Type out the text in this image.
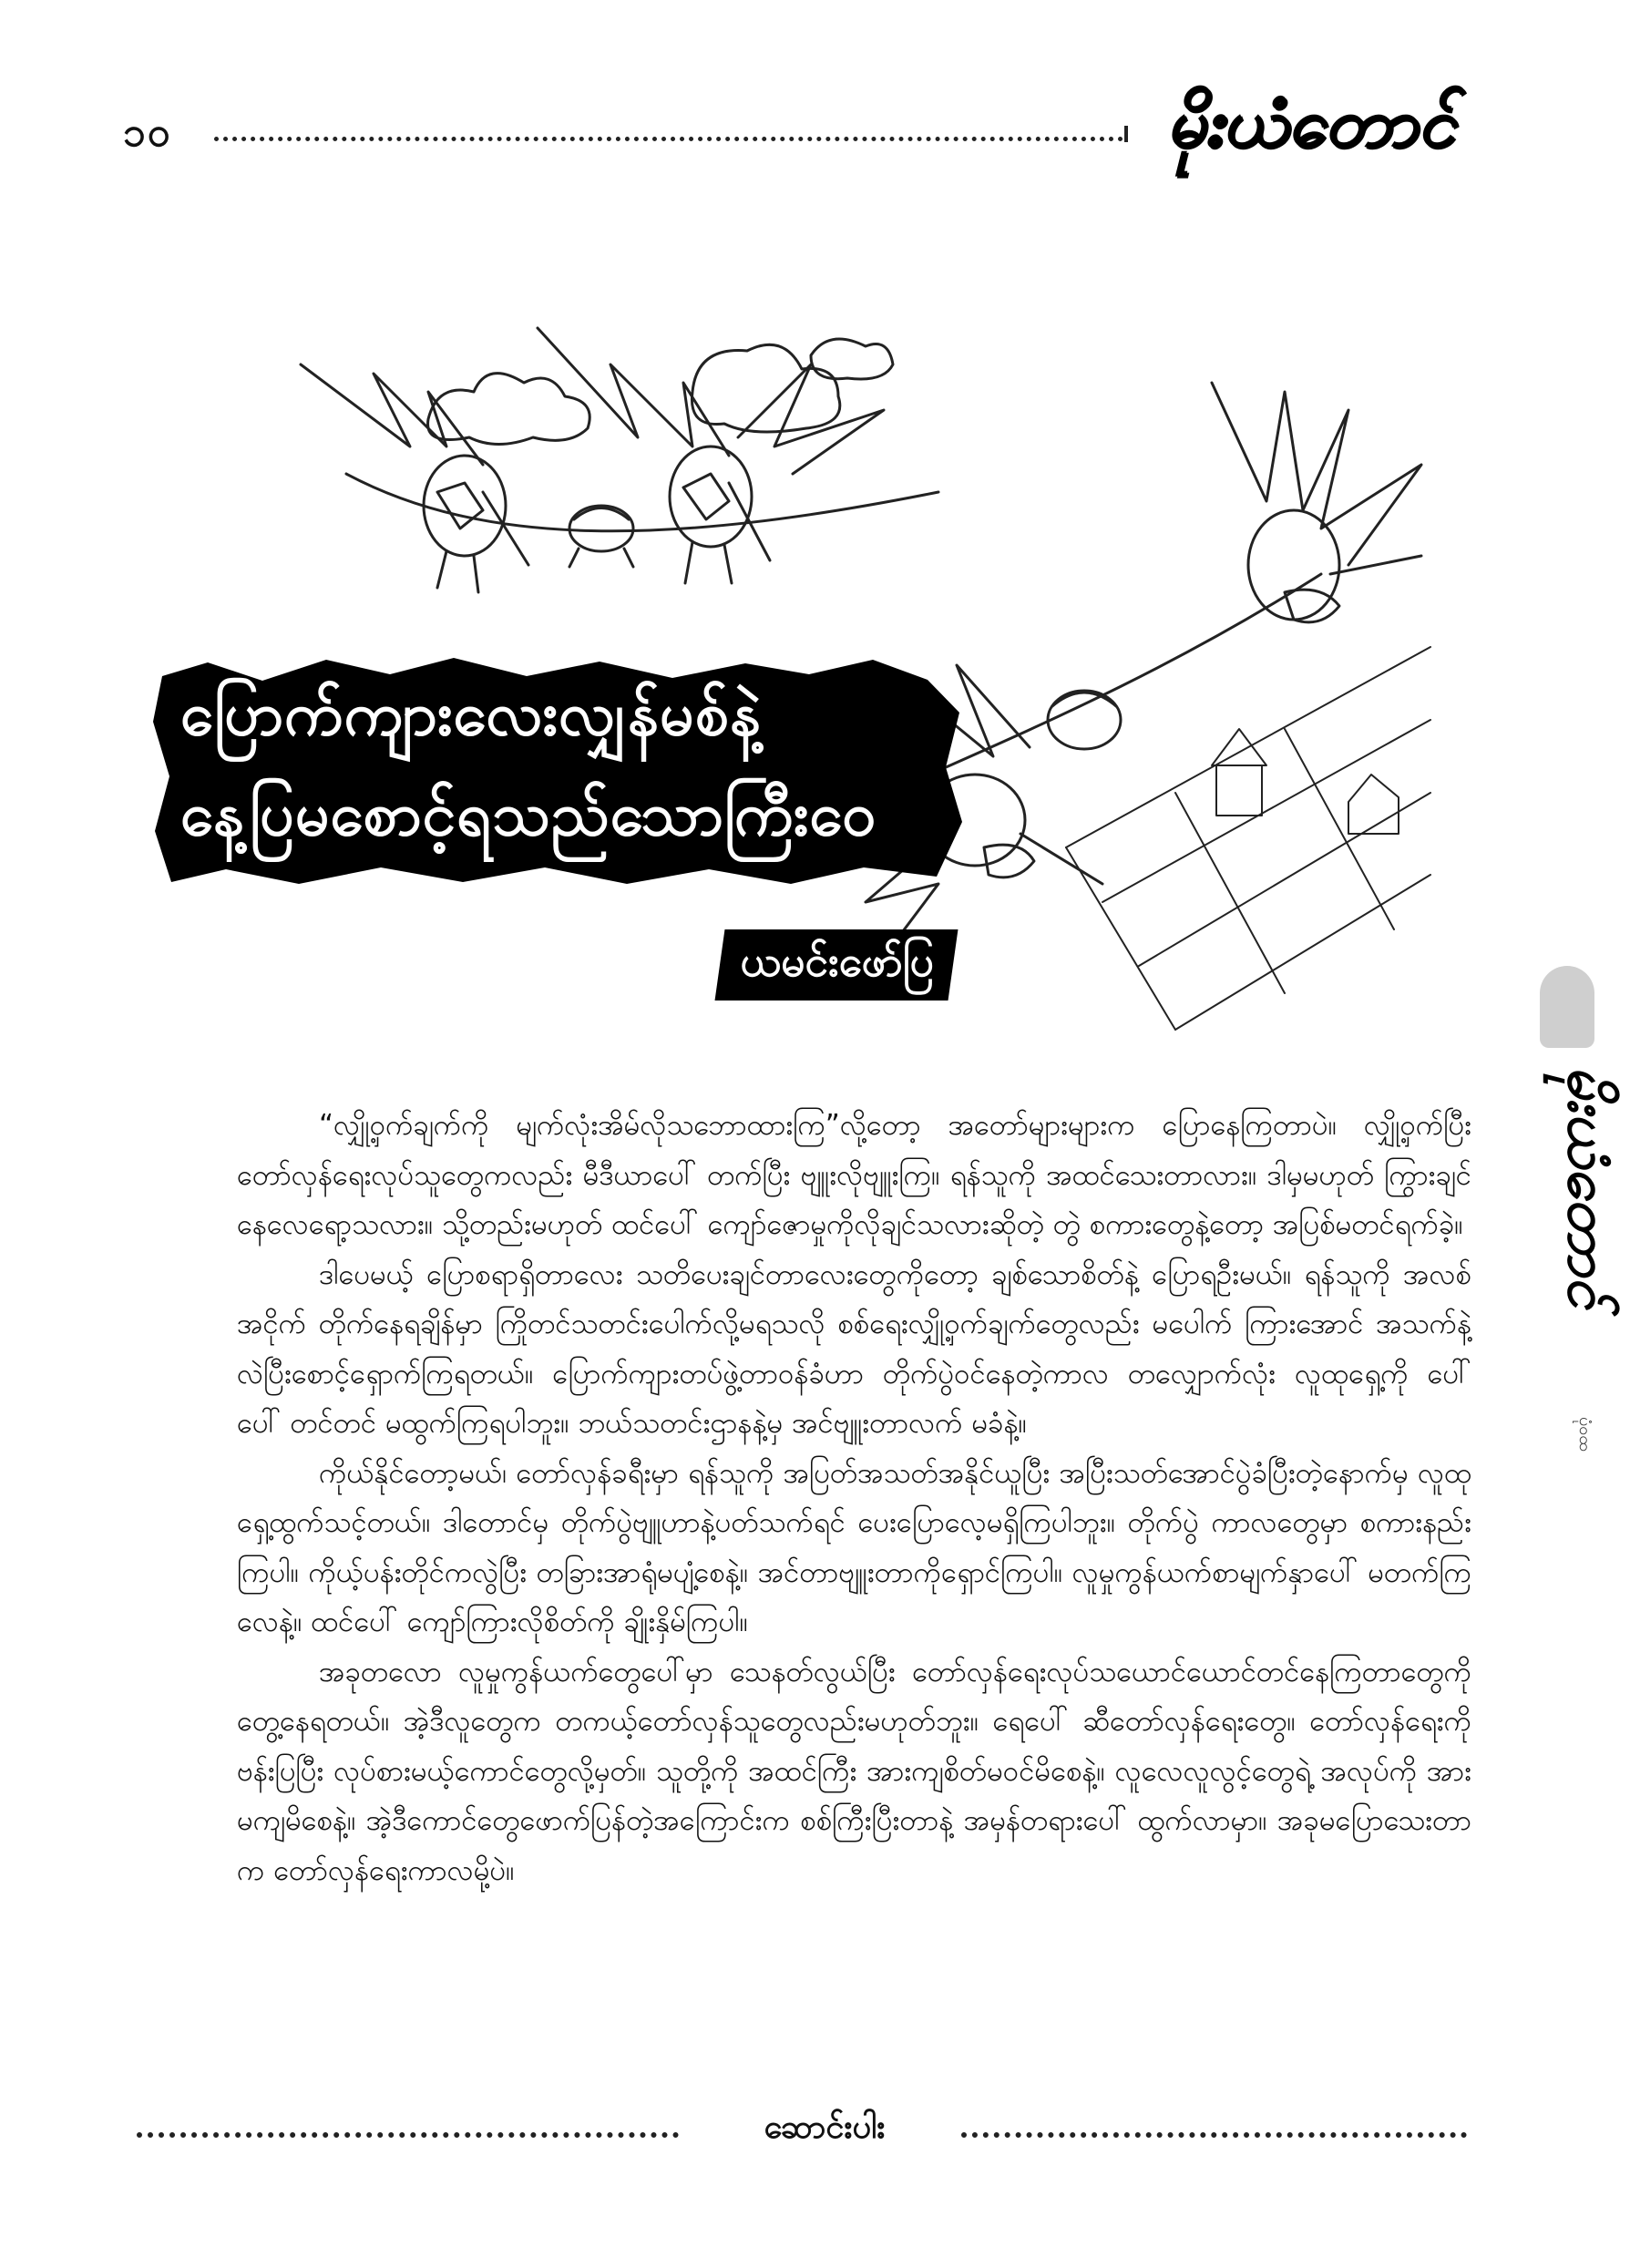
၁၀	မိုးယံတောင်
ပြောက်ကျားလေးလျှန်မစ်နဲ့
နေ့ပြမစောင့်ရသည်သောကြီးဝေ
ယမင်းဖော်ပြ
မိုးယံတောင်
ပုံဝထ

“လျှို့ဝှက်ချက်ကို မျက်လုံးအိမ်လိုသဘောထားကြ”လို့တော့ အတော်များများက ပြောနေကြတာပဲ။ လျှို့ဝှက်ပြီးတော်လှန်ရေးလုပ်သူတွေကလည်း မီဒီယာပေါ် တက်ပြီး ဗျူးလိုဗျူးကြ။ ရန်သူကို အထင်သေးတာလား။ ဒါမှမဟုတ် ကြွားချင်နေလေရော့သလား။ သို့တည်းမဟုတ် ထင်ပေါ် ကျော်ဇောမှုကိုလိုချင်သလားဆိုတဲ့ တွဲ စကားတွေနဲ့တော့ အပြစ်မတင်ရက်ခဲ့။

ဒါပေမယ့် ပြောစရာရှိတာလေး သတိပေးချင်တာလေးတွေကိုတော့ ချစ်သောစိတ်နဲ့ ပြောရဦးမယ်။ ရန်သူကို အလစ်အငိုက် တိုက်နေရချိန်မှာ ကြိုတင်သတင်းပေါက်လို့မရသလို စစ်ရေးလျှို့ဝှက်ချက်တွေလည်း မပေါက် ကြားအောင် အသက်နဲ့လဲပြီးစောင့်ရှောက်ကြရတယ်။ ပြောက်ကျားတပ်ဖွဲ့တာဝန်ခံဟာ တိုက်ပွဲဝင်နေတဲ့ကာလ တလျှောက်လုံး လူထုရှေ့ကို ပေါ် ပေါ် တင်တင် မထွက်ကြရပါဘူး။ ဘယ်သတင်းဌာနနဲ့မှ အင်ဗျူးတာလက် မခံနဲ့။

ကိုယ်နိုင်တော့မယ်၊ တော်လှန်ခရီးမှာ ရန်သူကို အပြတ်အသတ်အနိုင်ယူပြီး အပြီးသတ်အောင်ပွဲခံပြီးတဲ့နောက်မှ လူထုရှေ့ထွက်သင့်တယ်။ ဒါတောင်မှ တိုက်ပွဲဗျူဟာနဲ့ပတ်သက်ရင် ပေးပြောလေ့မရှိကြပါဘူး။ တိုက်ပွဲ ကာလတွေမှာ စကားနည်းကြပါ။ ကိုယ့်ပန်းတိုင်ကလွဲပြီး တခြားအာရုံမပျံ့စေနဲ့။ အင်တာဗျူးတာကိုရှောင်ကြပါ။ လူမှုကွန်ယက်စာမျက်နှာပေါ် မတက်ကြလေနဲ့။ ထင်ပေါ် ကျော်ကြားလိုစိတ်ကို ချိုးနှိမ်ကြပါ။

အခုတလော လူမှုကွန်ယက်တွေပေါ်မှာ သေနတ်လွယ်ပြီး တော်လှန်ရေးလုပ်သယောင်ယောင်တင်နေကြတာတွေကို တွေ့နေရတယ်။ အဲ့ဒီလူတွေက တကယ့်တော်လှန်သူတွေလည်းမဟုတ်ဘူး။ ရေပေါ် ဆီတော်လှန်ရေးတွေ။ တော်လှန်ရေးကိုဗန်းပြပြီး လုပ်စားမယ့်ကောင်တွေလို့မှတ်။ သူတို့ကို အထင်ကြီး အားကျစိတ်မဝင်မိစေနဲ့။ လူလေလူလွင့်တွေရဲ့ အလုပ်ကို အားမကျမိစေနဲ့။ အဲ့ဒီကောင်တွေဖောက်ပြန်တဲ့အကြောင်းက စစ်ကြီးပြီးတာနဲ့ အမှန်တရားပေါ် ထွက်လာမှာ။ အခုမပြောသေးတာက တော်လှန်ရေးကာလမို့ပဲ။

ဆောင်းပါး
